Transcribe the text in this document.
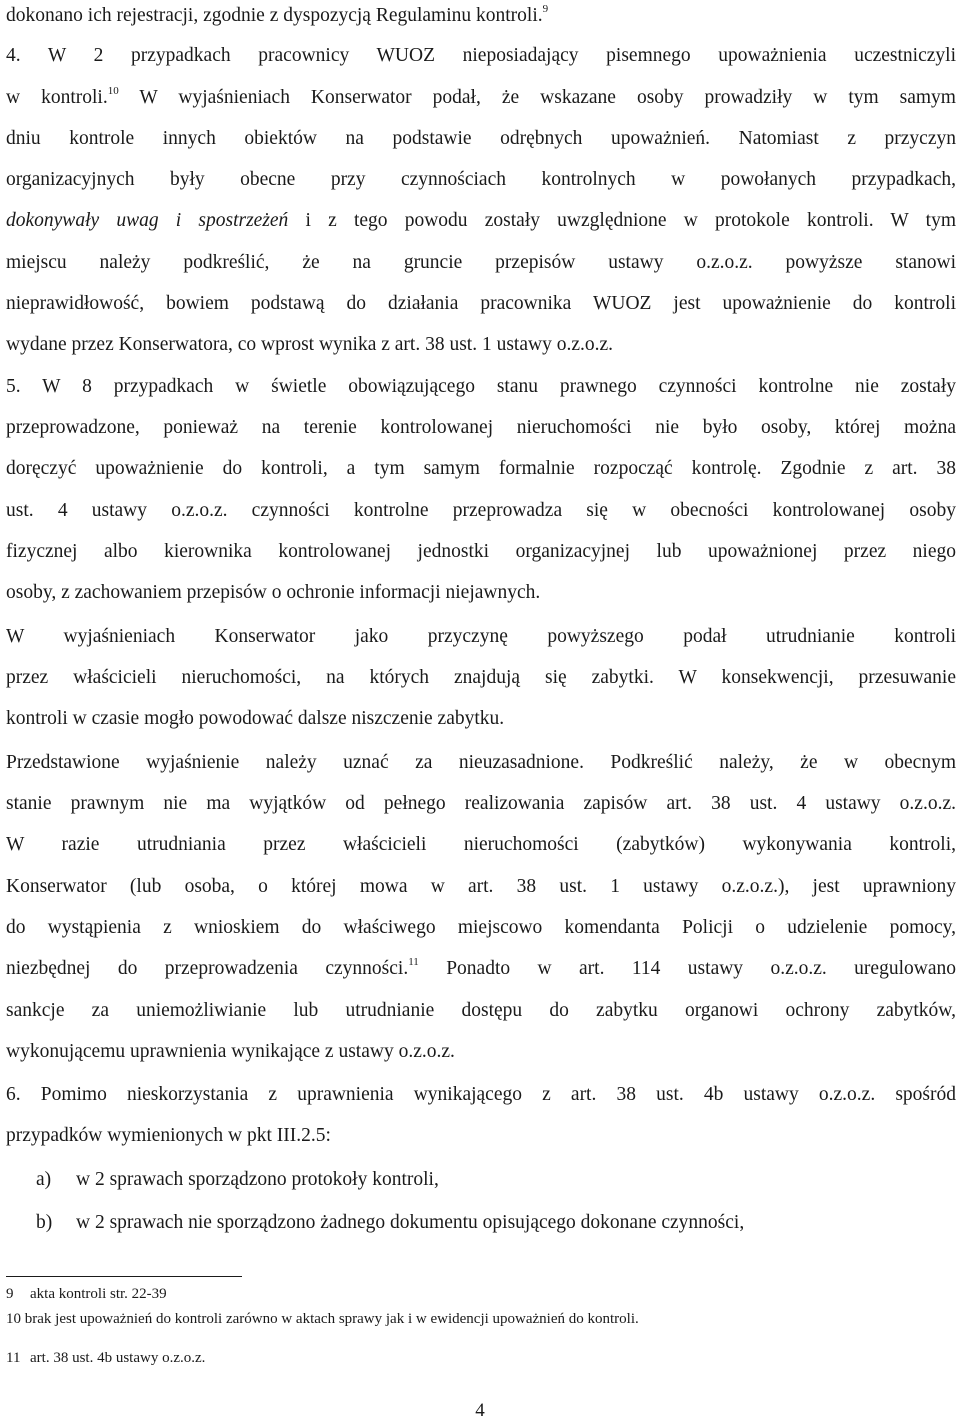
dokonano ich rejestracji, zgodnie z dyspozycją Regulaminu kontroli.$^9$
4. W 2 przypadkach pracownicy WUOZ nieposiadający pisemnego upoważnienia uczestniczyli
w kontroli.$^{10}$ W wyjaśnieniach Konserwator podał, że wskazane osoby prowadziły w tym samym
dniu kontrole innych obiektów na podstawie odrębnych upoważnień. Natomiast z przyczyn
organizacyjnych były obecne przy czynnościach kontrolnych w powołanych przypadkach,
dokonywały uwag i spostrzeżeń i z tego powodu zostały uwzględnione w protokole kontroli. W tym
miejscu należy podkreślić, że na gruncie przepisów ustawy o.z.o.z. powyższe stanowi
nieprawidłowość, bowiem podstawą do działania pracownika WUOZ jest upoważnienie do kontroli
wydane przez Konserwatora, co wprost wynika z art. 38 ust. 1 ustawy o.z.o.z.
5. W 8 przypadkach w świetle obowiązującego stanu prawnego czynności kontrolne nie zostały
przeprowadzone, ponieważ na terenie kontrolowanej nieruchomości nie było osoby, której można
doręczyć upoważnienie do kontroli, a tym samym formalnie rozpocząć kontrolę. Zgodnie z art. 38
ust. 4 ustawy o.z.o.z. czynności kontrolne przeprowadza się w obecności kontrolowanej osoby
fizycznej albo kierownika kontrolowanej jednostki organizacyjnej lub upoważnionej przez niego
osoby, z zachowaniem przepisów o ochronie informacji niejawnych.
W wyjaśnieniach Konserwator jako przyczynę powyższego podał utrudnianie kontroli
przez właścicieli nieruchomości, na których znajdują się zabytki. W konsekwencji, przesuwanie
kontroli w czasie mogło powodować dalsze niszczenie zabytku.
Przedstawione wyjaśnienie należy uznać za nieuzasadnione. Podkreślić należy, że w obecnym
stanie prawnym nie ma wyjątków od pełnego realizowania zapisów art. 38 ust. 4 ustawy o.z.o.z.
W razie utrudniania przez właścicieli nieruchomości (zabytków) wykonywania kontroli,
Konserwator (lub osoba, o której mowa w art. 38 ust. 1 ustawy o.z.o.z.), jest uprawniony
do wystąpienia z wnioskiem do właściwego miejscowo komendanta Policji o udzielenie pomocy,
niezbędnej do przeprowadzenia czynności.$^{11}$ Ponadto w art. 114 ustawy o.z.o.z. uregulowano
sankcje za uniemożliwianie lub utrudnianie dostępu do zabytku organowi ochrony zabytków,
wykonującemu uprawnienia wynikające z ustawy o.z.o.z.
6. Pomimo nieskorzystania z uprawnienia wynikającego z art. 38 ust. 4b ustawy o.z.o.z. spośród
przypadków wymienionych w pkt III.2.5:
a) w 2 sprawach sporządzono protokoły kontroli,
b) w 2 sprawach nie sporządzono żadnego dokumentu opisującego dokonane czynności,
9 akta kontroli str. 22-39
10 brak jest upoważnień do kontroli zarówno w aktach sprawy jak i w ewidencji upoważnień do kontroli.
11 art. 38 ust. 4b ustawy o.z.o.z.
4
